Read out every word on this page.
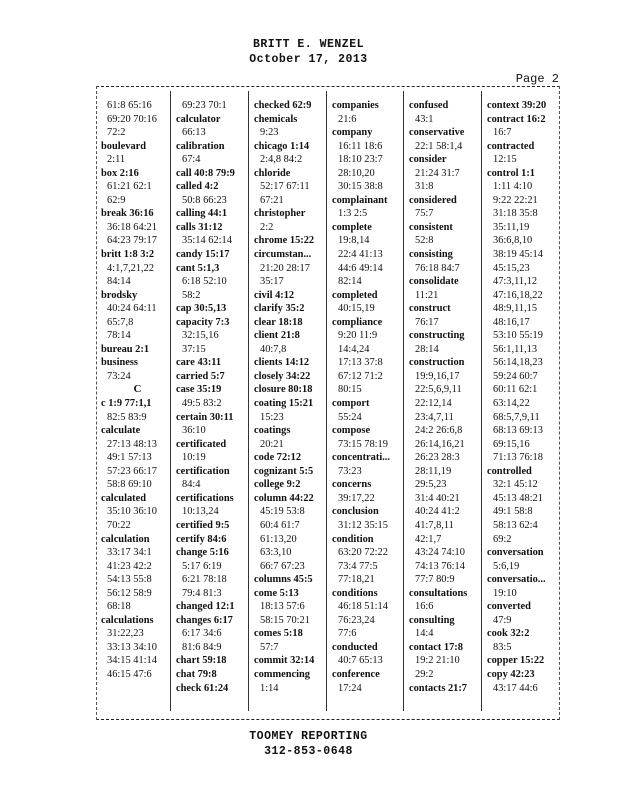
BRITT E. WENZEL
October 17, 2013
Page 2
61:8 65:16
69:20 70:16
72:2
boulevard
2:11
box 2:16
61:21 62:1
62:9
break 36:16
36:18 64:21
64:23 79:17
britt 1:8 3:2
4:1,7,21,22
84:14
brodsky
40:24 64:11
65:7,8
78:14
bureau 2:1
business
73:24
C
c 1:9 77:1,1
82:5 83:9
calculate
27:13 48:13
49:1 57:13
57:23 66:17
58:8 69:10
calculated
35:10 36:10
70:22
calculation
33:17 34:1
41:23 42:2
54:13 55:8
56:12 58:9
68:18
calculations
31:22,23
33:13 34:10
34:15 41:14
46:15 47:6
69:23 70:1
calculator
66:13
calibration
67:4
call 40:8 79:9
called 4:2
50:8 66:23
calling 44:1
calls 31:12
35:14 62:14
candy 15:17
cant 5:1,3
6:18 52:10
58:2
cap 30:5,13
capacity 7:3
32:15,16
37:15
care 43:11
carried 5:7
case 35:19
49:5 83:2
certain 30:11
36:10
certificated
10:19
certification
84:4
certifications
10:13,24
certified 9:5
certify 84:6
change 5:16
5:17 6:19
6:21 78:18
79:4 81:3
changed 12:1
changes 6:17
6:17 34:6
81:6 84:9
chart 59:18
chat 79:8
check 61:24
checked 62:9
chemicals
9:23
chicago 1:14
2:4,8 84:2
chloride
52:17 67:11
67:21
christopher
2:2
chrome 15:22
circumstan...
21:20 28:17
35:17
civil 4:12
clarify 35:2
clear 18:18
client 21:8
40:7,8
clients 14:12
closely 34:22
closure 80:18
coating 15:21
15:23
coatings
20:21
code 72:12
cognizant 5:5
college 9:2
column 44:22
45:19 53:8
60:4 61:7
61:13,20
63:3,10
66:7 67:23
columns 45:5
come 5:13
18:13 57:6
58:15 70:21
comes 5:18
57:7
commit 32:14
commencing
1:14
companies
21:6
company
16:11 18:6
18:10 23:7
28:10,20
30:15 38:8
complainant
1:3 2:5
complete
19:8,14
22:4 41:13
44:6 49:14
82:14
completed
40:15,19
compliance
9:20 11:9
14:4,24
17:13 37:8
67:12 71:2
80:15
comport
55:24
compose
73:15 78:19
concentrati...
73:23
concerns
39:17,22
conclusion
31:12 35:15
condition
63:20 72:22
73:4 77:5
77:18,21
conditions
46:18 51:14
76:23,24
77:6
conducted
40:7 65:13
conference
17:24
confused
43:1
conservative
22:1 58:1,4
consider
21:24 31:7
31:8
considered
75:7
consistent
52:8
consisting
76:18 84:7
consolidate
11:21
construct
76:17
constructing
28:14
construction
19:9,16,17
22:5,6,9,11
22:12,14
23:4,7,11
24:2 26:6,8
26:14,16,21
26:23 28:3
28:11,19
29:5,23
31:4 40:21
40:24 41:2
41:7,8,11
42:1,7
43:24 74:10
74:13 76:14
77:7 80:9
consultations
16:6
consulting
14:4
contact 17:8
19:2 21:10
29:2
contacts 21:7
context 39:20
contract 16:2
16:7
contracted
12:15
control 1:1
1:11 4:10
9:22 22:21
31:18 35:8
35:11,19
36:6,8,10
38:19 45:14
45:15,23
47:3,11,12
47:16,18,22
48:9,11,15
48:16,17
53:10 55:19
56:1,11,13
56:14,18,23
59:24 60:7
60:11 62:1
63:14,22
68:5,7,9,11
68:13 69:13
69:15,16
71:13 76:18
controlled
32:1 45:12
45:13 48:21
49:1 58:8
58:13 62:4
69:2
conversation
5:6,19
conversatio...
19:10
converted
47:9
cook 32:2
83:5
copper 15:22
copy 42:23
43:17 44:6
TOOMEY REPORTING
312-853-0648
